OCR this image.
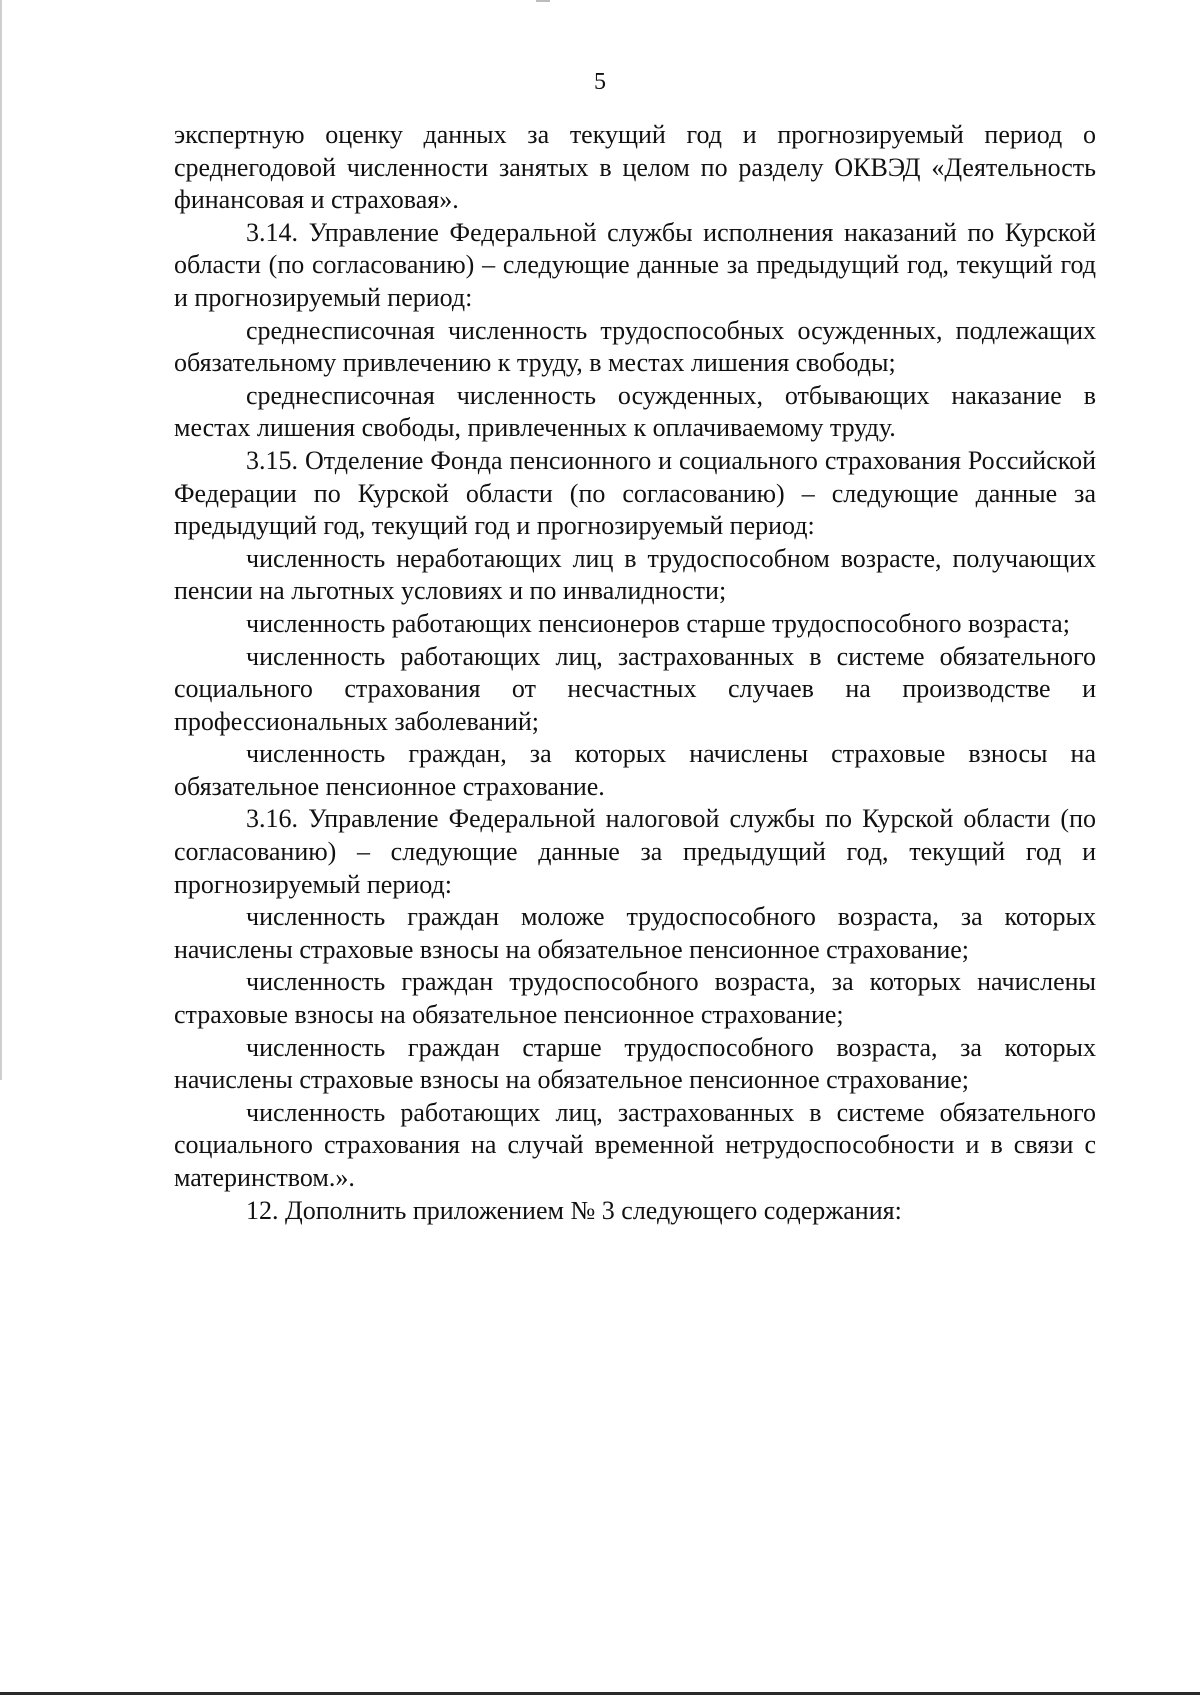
5

экспертную оценку данных за текущий год и прогнозируемый период о среднегодовой численности занятых в целом по разделу ОКВЭД «Деятельность финансовая и страховая».

3.14. Управление Федеральной службы исполнения наказаний по Курской области (по согласованию) – следующие данные за предыдущий год, текущий год и прогнозируемый период:

среднесписочная численность трудоспособных осужденных, подлежащих обязательному привлечению к труду, в местах лишения свободы;

среднесписочная численность осужденных, отбывающих наказание в местах лишения свободы, привлеченных к оплачиваемому труду.

3.15. Отделение Фонда пенсионного и социального страхования Российской Федерации по Курской области (по согласованию) – следующие данные за предыдущий год, текущий год и прогнозируемый период:

численность неработающих лиц в трудоспособном возрасте, получающих пенсии на льготных условиях и по инвалидности;

численность работающих пенсионеров старше трудоспособного возраста;

численность работающих лиц, застрахованных в системе обязательного социального страхования от несчастных случаев на производстве и профессиональных заболеваний;

численность граждан, за которых начислены страховые взносы на обязательное пенсионное страхование.

3.16. Управление Федеральной налоговой службы по Курской области (по согласованию) – следующие данные за предыдущий год, текущий год и прогнозируемый период:

численность граждан моложе трудоспособного возраста, за которых начислены страховые взносы на обязательное пенсионное страхование;

численность граждан трудоспособного возраста, за которых начислены страховые взносы на обязательное пенсионное страхование;

численность граждан старше трудоспособного возраста, за которых начислены страховые взносы на обязательное пенсионное страхование;

численность работающих лиц, застрахованных в системе обязательного социального страхования на случай временной нетрудоспособности и в связи с материнством.».

12. Дополнить приложением № 3 следующего содержания:
